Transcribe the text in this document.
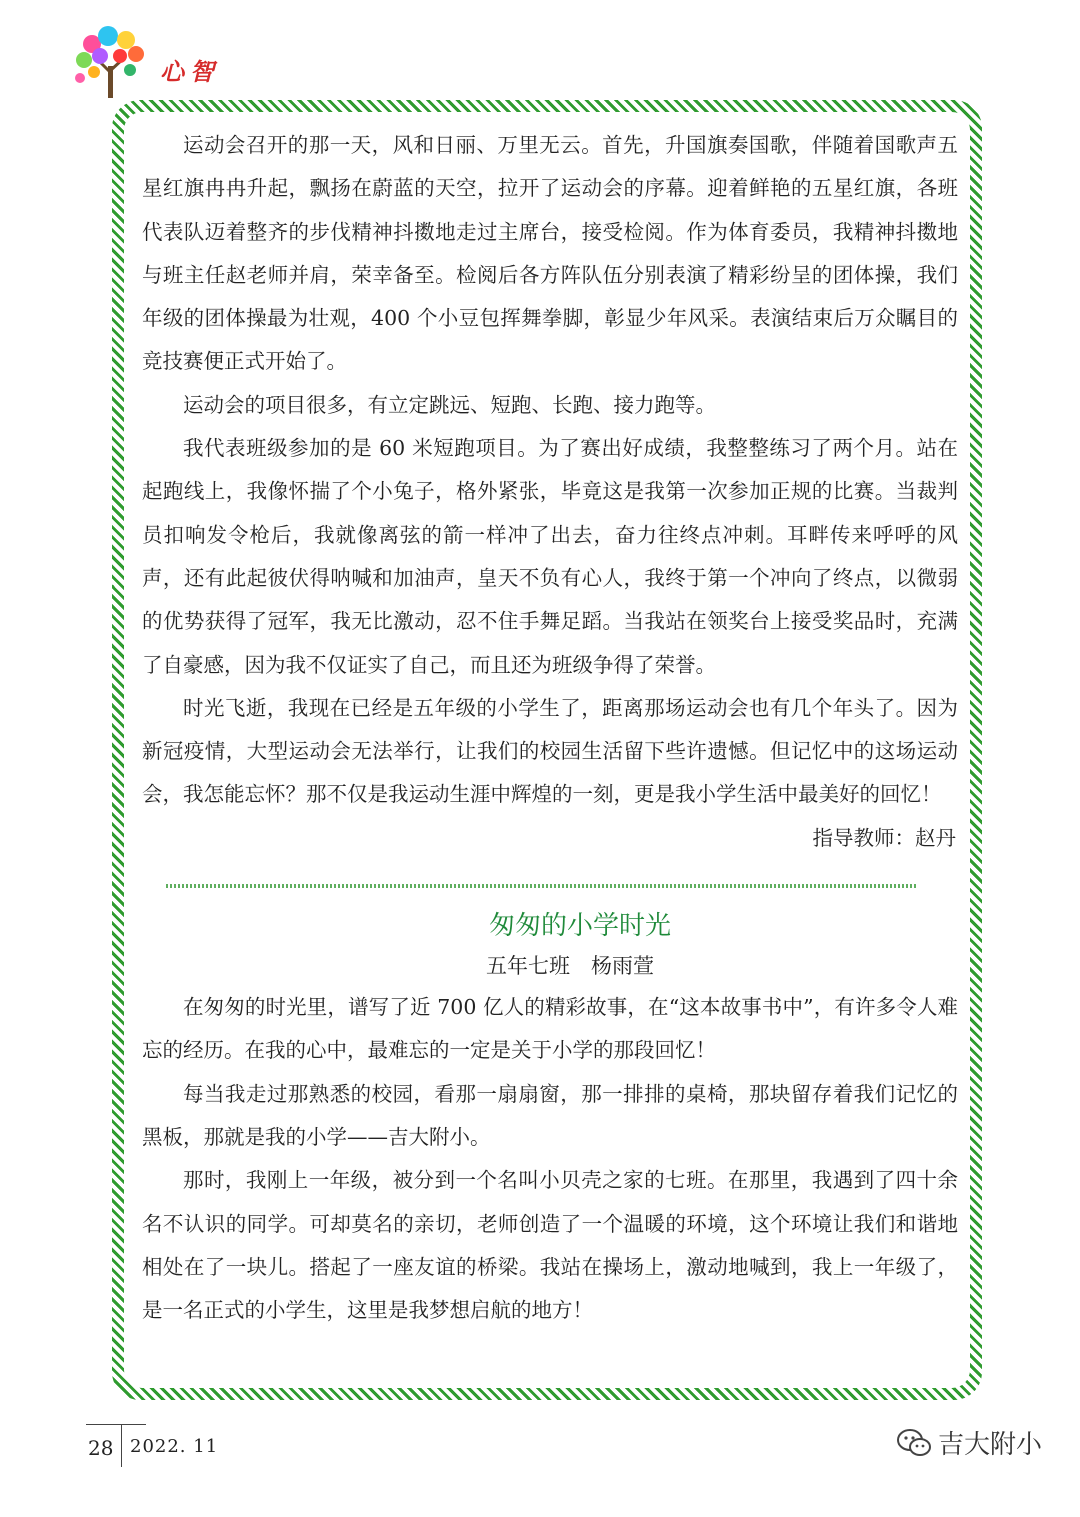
心智

运动会召开的那一天，风和日丽、万里无云。首先，升国旗奏国歌，伴随着国歌声五星红旗冉冉升起，飘扬在蔚蓝的天空，拉开了运动会的序幕。迎着鲜艳的五星红旗，各班代表队迈着整齐的步伐精神抖擞地走过主席台，接受检阅。作为体育委员，我精神抖擞地与班主任赵老师并肩，荣幸备至。检阅后各方阵队伍分别表演了精彩纷呈的团体操，我们年级的团体操最为壮观，400 个小豆包挥舞拳脚，彰显少年风采。表演结束后万众瞩目的竞技赛便正式开始了。

运动会的项目很多，有立定跳远、短跑、长跑、接力跑等。

我代表班级参加的是 60 米短跑项目。为了赛出好成绩，我整整练习了两个月。站在起跑线上，我像怀揣了个小兔子，格外紧张，毕竟这是我第一次参加正规的比赛。当裁判员扣响发令枪后，我就像离弦的箭一样冲了出去，奋力往终点冲刺。耳畔传来呼呼的风声，还有此起彼伏得呐喊和加油声，皇天不负有心人，我终于第一个冲向了终点，以微弱的优势获得了冠军，我无比激动，忍不住手舞足蹈。当我站在领奖台上接受奖品时，充满了自豪感，因为我不仅证实了自己，而且还为班级争得了荣誉。

时光飞逝，我现在已经是五年级的小学生了，距离那场运动会也有几个年头了。因为新冠疫情，大型运动会无法举行，让我们的校园生活留下些许遗憾。但记忆中的这场运动会，我怎能忘怀？那不仅是我运动生涯中辉煌的一刻，更是我小学生活中最美好的回忆！

指导教师：赵丹

匆匆的小学时光

五年七班　杨雨萱

在匆匆的时光里，谱写了近 700 亿人的精彩故事，在“这本故事书中”，有许多令人难忘的经历。在我的心中，最难忘的一定是关于小学的那段回忆！

每当我走过那熟悉的校园，看那一扇扇窗，那一排排的桌椅，那块留存着我们记忆的黑板，那就是我的小学——吉大附小。

那时，我刚上一年级，被分到一个名叫小贝壳之家的七班。在那里，我遇到了四十余名不认识的同学。可却莫名的亲切，老师创造了一个温暖的环境，这个环境让我们和谐地相处在了一块儿。搭起了一座友谊的桥梁。我站在操场上，激动地喊到，我上一年级了，是一名正式的小学生，这里是我梦想启航的地方！

28 2022. 11	吉大附小
